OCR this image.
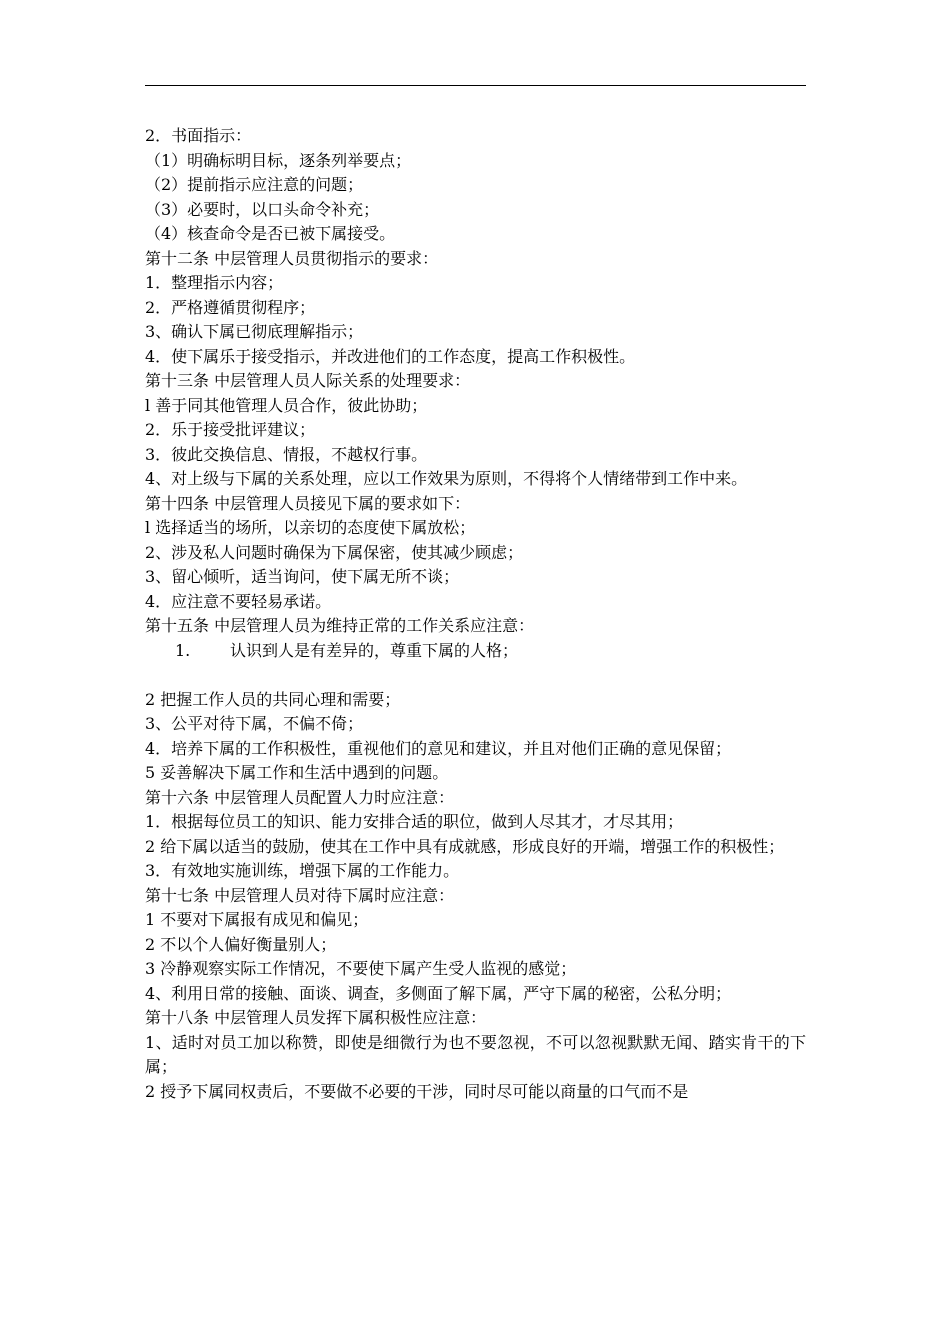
2．书面指示：
（1）明确标明目标，逐条列举要点；
（2）提前指示应注意的问题；
（3）必要时，以口头命令补充；
（4）核查命令是否已被下属接受。
第十二条 中层管理人员贯彻指示的要求：
1．整理指示内容；
2．严格遵循贯彻程序；
3、确认下属已彻底理解指示；
4．使下属乐于接受指示，并改进他们的工作态度，提高工作积极性。
第十三条 中层管理人员人际关系的处理要求：
l 善于同其他管理人员合作，彼此协助；
2．乐于接受批评建议；
3．彼此交换信息、情报，不越权行事。
4、对上级与下属的关系处理，应以工作效果为原则，不得将个人情绪带到工作中来。
第十四条 中层管理人员接见下属的要求如下：
l 选择适当的场所，以亲切的态度使下属放松；
2、涉及私人问题时确保为下属保密，使其减少顾虑；
3、留心倾听，适当询问，使下属无所不谈；
4．应注意不要轻易承诺。
第十五条 中层管理人员为维持正常的工作关系应注意：
1. 认识到人是有差异的，尊重下属的人格；
2 把握工作人员的共同心理和需要；
3、公平对待下属，不偏不倚；
4．培养下属的工作积极性，重视他们的意见和建议，并且对他们正确的意见保留；
5 妥善解决下属工作和生活中遇到的问题。
第十六条 中层管理人员配置人力时应注意：
1．根据每位员工的知识、能力安排合适的职位，做到人尽其才，才尽其用；
2 给下属以适当的鼓励，使其在工作中具有成就感，形成良好的开端，增强工作的积极性；
3．有效地实施训练，增强下属的工作能力。
第十七条 中层管理人员对待下属时应注意：
1 不要对下属报有成见和偏见；
2 不以个人偏好衡量别人；
3 冷静观察实际工作情况，不要使下属产生受人监视的感觉；
4、利用日常的接触、面谈、调查，多侧面了解下属，严守下属的秘密，公私分明；
第十八条 中层管理人员发挥下属积极性应注意：
1、适时对员工加以称赞，即使是细微行为也不要忽视，不可以忽视默默无闻、踏实肯干的下属；
2 授予下属同权责后，不要做不必要的干涉，同时尽可能以商量的口气而不是
